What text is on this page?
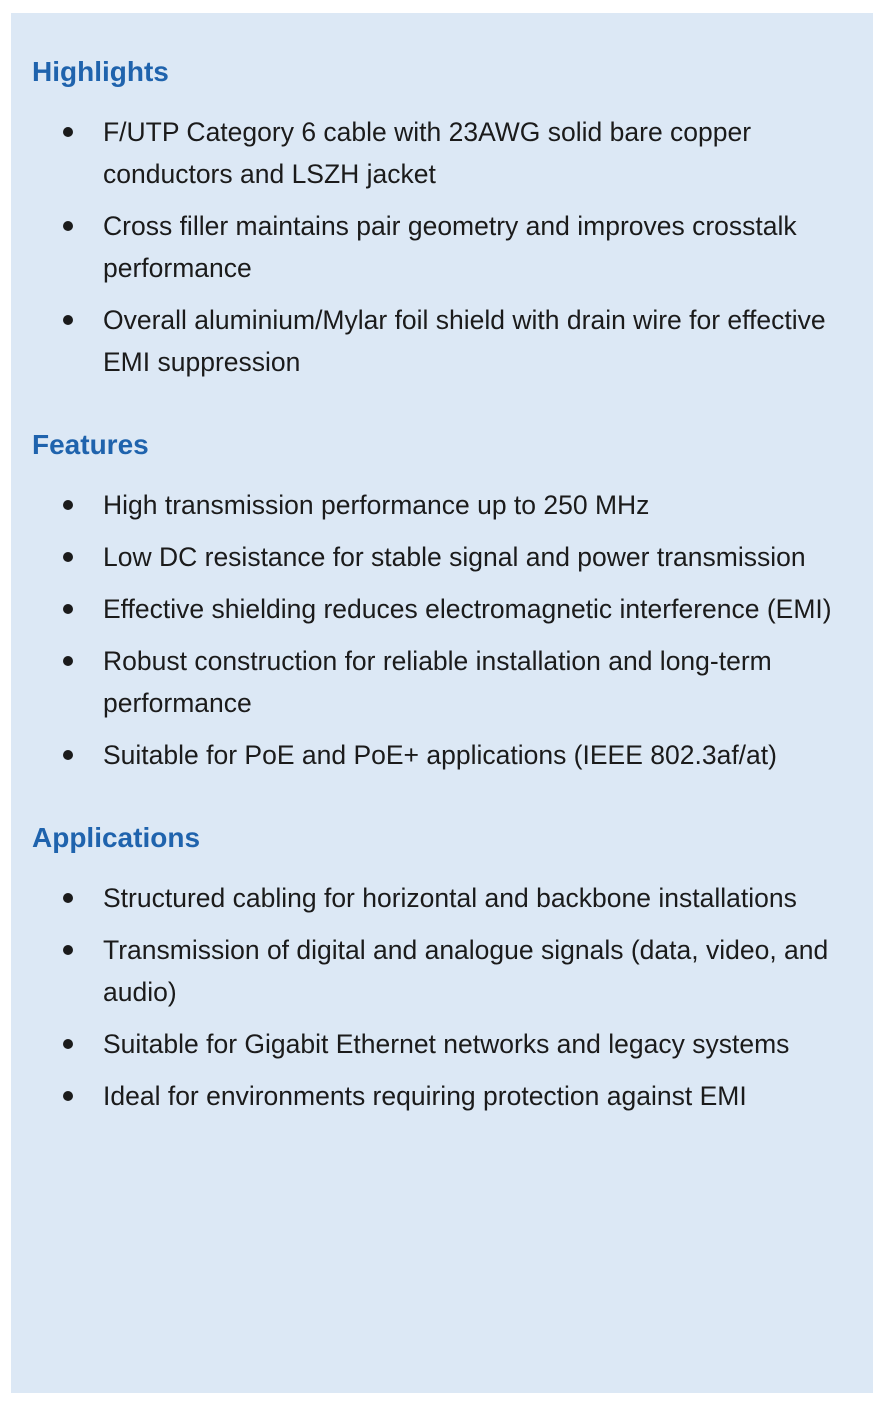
Highlights
F/UTP Category 6 cable with 23AWG solid bare copper conductors and LSZH jacket
Cross filler maintains pair geometry and improves crosstalk performance
Overall aluminium/Mylar foil shield with drain wire for effective EMI suppression
Features
High transmission performance up to 250 MHz
Low DC resistance for stable signal and power transmission
Effective shielding reduces electromagnetic interference (EMI)
Robust construction for reliable installation and long-term performance
Suitable for PoE and PoE+ applications (IEEE 802.3af/at)
Applications
Structured cabling for horizontal and backbone installations
Transmission of digital and analogue signals (data, video, and audio)
Suitable for Gigabit Ethernet networks and legacy systems
Ideal for environments requiring protection against EMI
